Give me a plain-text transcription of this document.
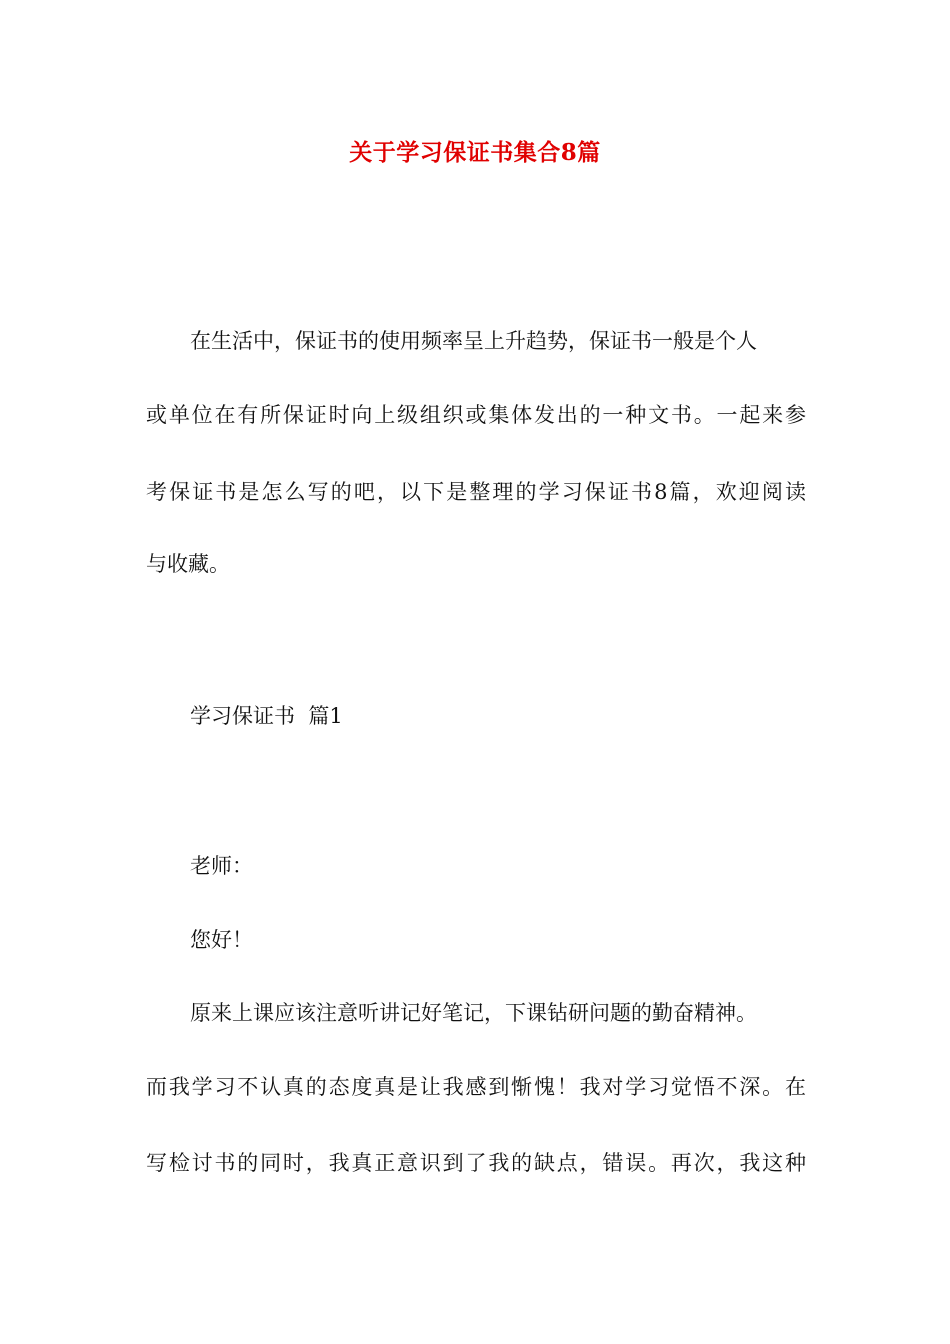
关于学习保证书集合8篇
在生活中，保证书的使用频率呈上升趋势，保证书一般是个人
或单位在有所保证时向上级组织或集体发出的一种文书。一起来参
考保证书是怎么写的吧，以下是整理的学习保证书8篇，欢迎阅读
与收藏。
学习保证书  篇1
老师：
您好！
原来上课应该注意听讲记好笔记，下课钻研问题的勤奋精神。
而我学习不认真的态度真是让我感到惭愧！我对学习觉悟不深。在
写检讨书的同时，我真正意识到了我的缺点，错误。再次，我这种
